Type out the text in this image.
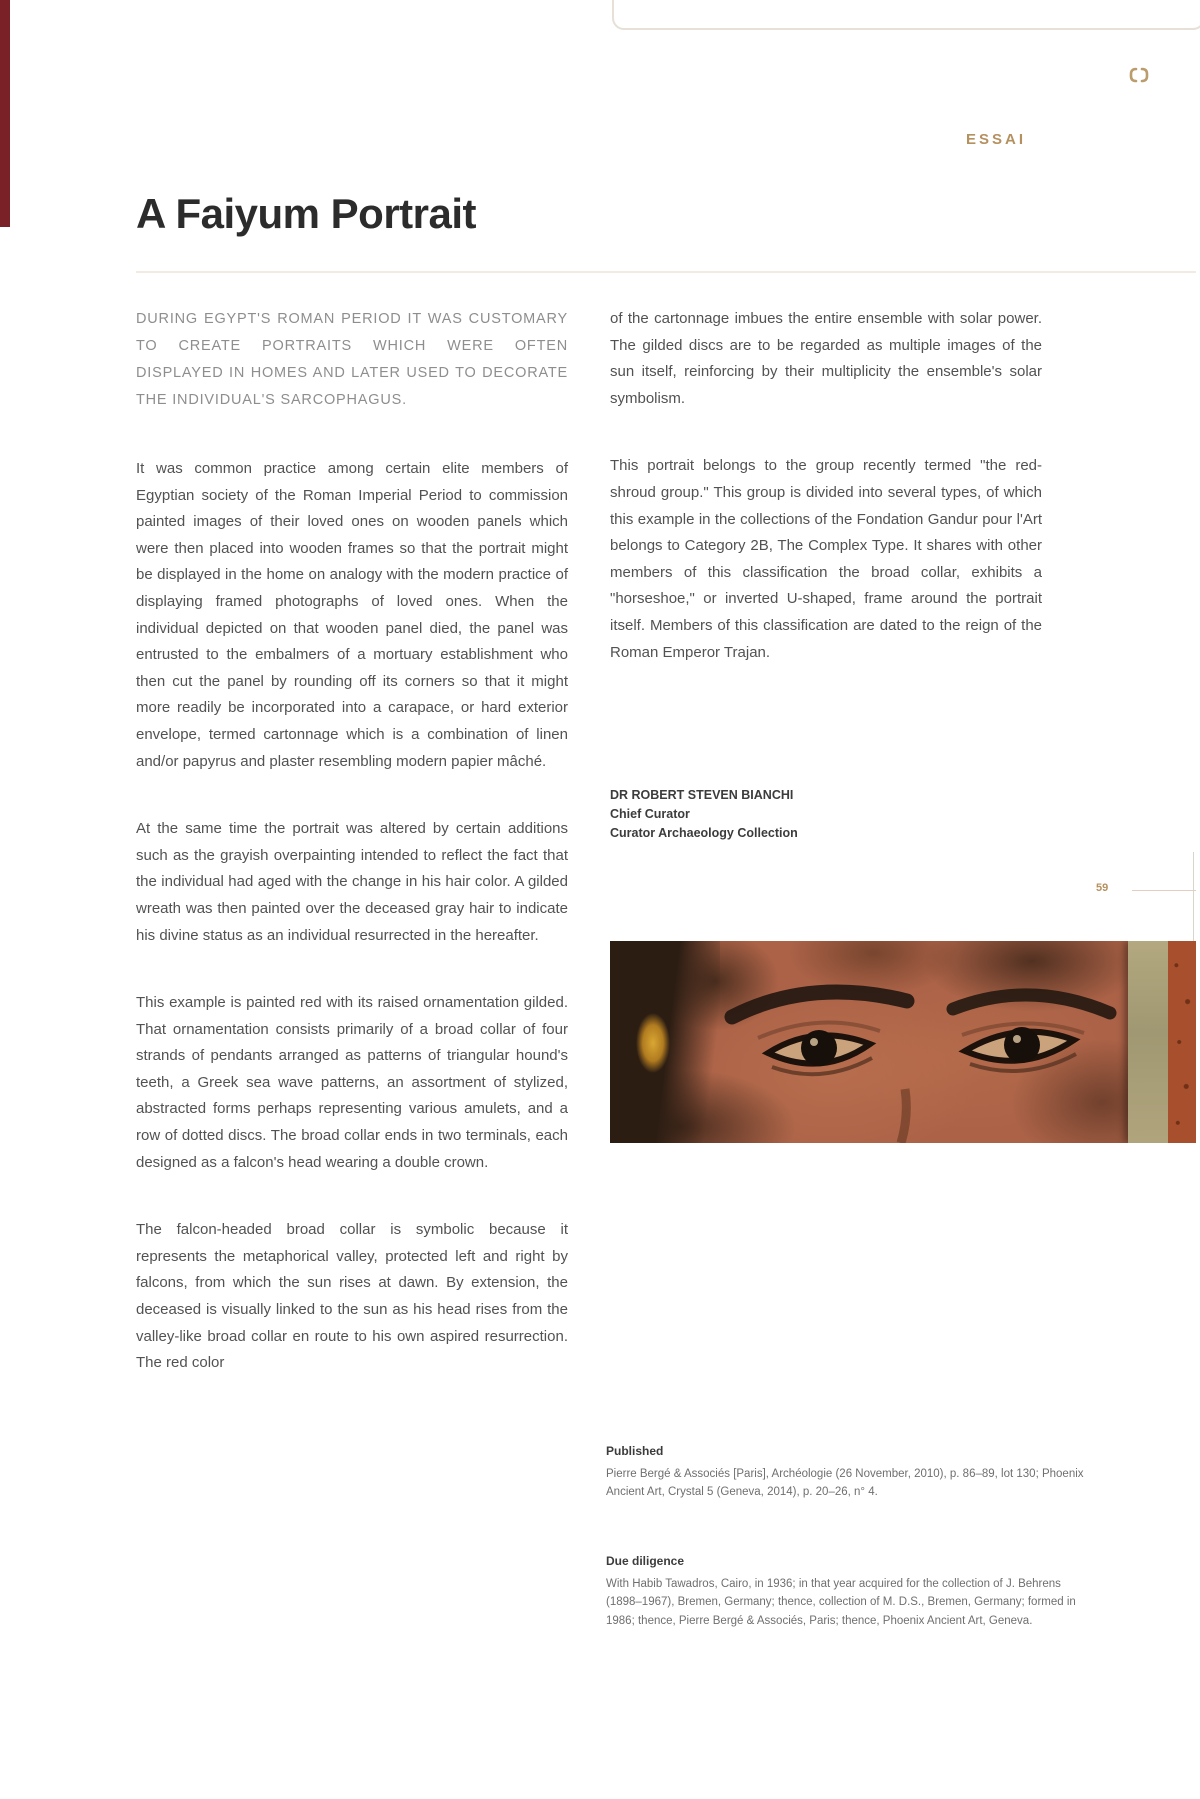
ESSAI
A Faiyum Portrait

DURING EGYPT'S ROMAN PERIOD IT WAS CUSTOMARY TO CREATE PORTRAITS WHICH WERE OFTEN DISPLAYED IN HOMES AND LATER USED TO DECORATE THE INDIVIDUAL'S SARCOPHAGUS.

It was common practice among certain elite members of Egyptian society of the Roman Imperial Period to commission painted images of their loved ones on wooden panels which were then placed into wooden frames so that the portrait might be displayed in the home on analogy with the modern practice of displaying framed photographs of loved ones. When the individual depicted on that wooden panel died, the panel was entrusted to the embalmers of a mortuary establishment who then cut the panel by rounding off its corners so that it might more readily be incorporated into a carapace, or hard exterior envelope, termed cartonnage which is a combination of linen and/or papyrus and plaster resembling modern papier mâché.

At the same time the portrait was altered by certain additions such as the grayish overpainting intended to reflect the fact that the individual had aged with the change in his hair color. A gilded wreath was then painted over the deceased gray hair to indicate his divine status as an individual resurrected in the hereafter.

This example is painted red with its raised ornamentation gilded. That ornamentation consists primarily of a broad collar of four strands of pendants arranged as patterns of triangular hound's teeth, a Greek sea wave patterns, an assortment of stylized, abstracted forms perhaps representing various amulets, and a row of dotted discs. The broad collar ends in two terminals, each designed as a falcon's head wearing a double crown.

The falcon-headed broad collar is symbolic because it represents the metaphorical valley, protected left and right by falcons, from which the sun rises at dawn. By extension, the deceased is visually linked to the sun as his head rises from the valley-like broad collar en route to his own aspired resurrection. The red color

of the cartonnage imbues the entire ensemble with solar power. The gilded discs are to be regarded as multiple images of the sun itself, reinforcing by their multiplicity the ensemble's solar symbolism.

This portrait belongs to the group recently termed "the red-shroud group." This group is divided into several types, of which this example in the collections of the Fondation Gandur pour l'Art belongs to Category 2B, The Complex Type. It shares with other members of this classification the broad collar, exhibits a "horseshoe," or inverted U-shaped, frame around the portrait itself. Members of this classification are dated to the reign of the Roman Emperor Trajan.

DR ROBERT STEVEN BIANCHI
Chief Curator
Curator Archaeology Collection
59
Published
Pierre Bergé & Associés [Paris], Archéologie (26 November, 2010), p. 86–89, lot 130; Phoenix Ancient Art, Crystal 5 (Geneva, 2014), p. 20–26, n° 4.
Due diligence
With Habib Tawadros, Cairo, in 1936; in that year acquired for the collection of J. Behrens (1898–1967), Bremen, Germany; thence, collection of M. D.S., Bremen, Germany; formed in 1986; thence, Pierre Bergé & Associés, Paris; thence, Phoenix Ancient Art, Geneva.
